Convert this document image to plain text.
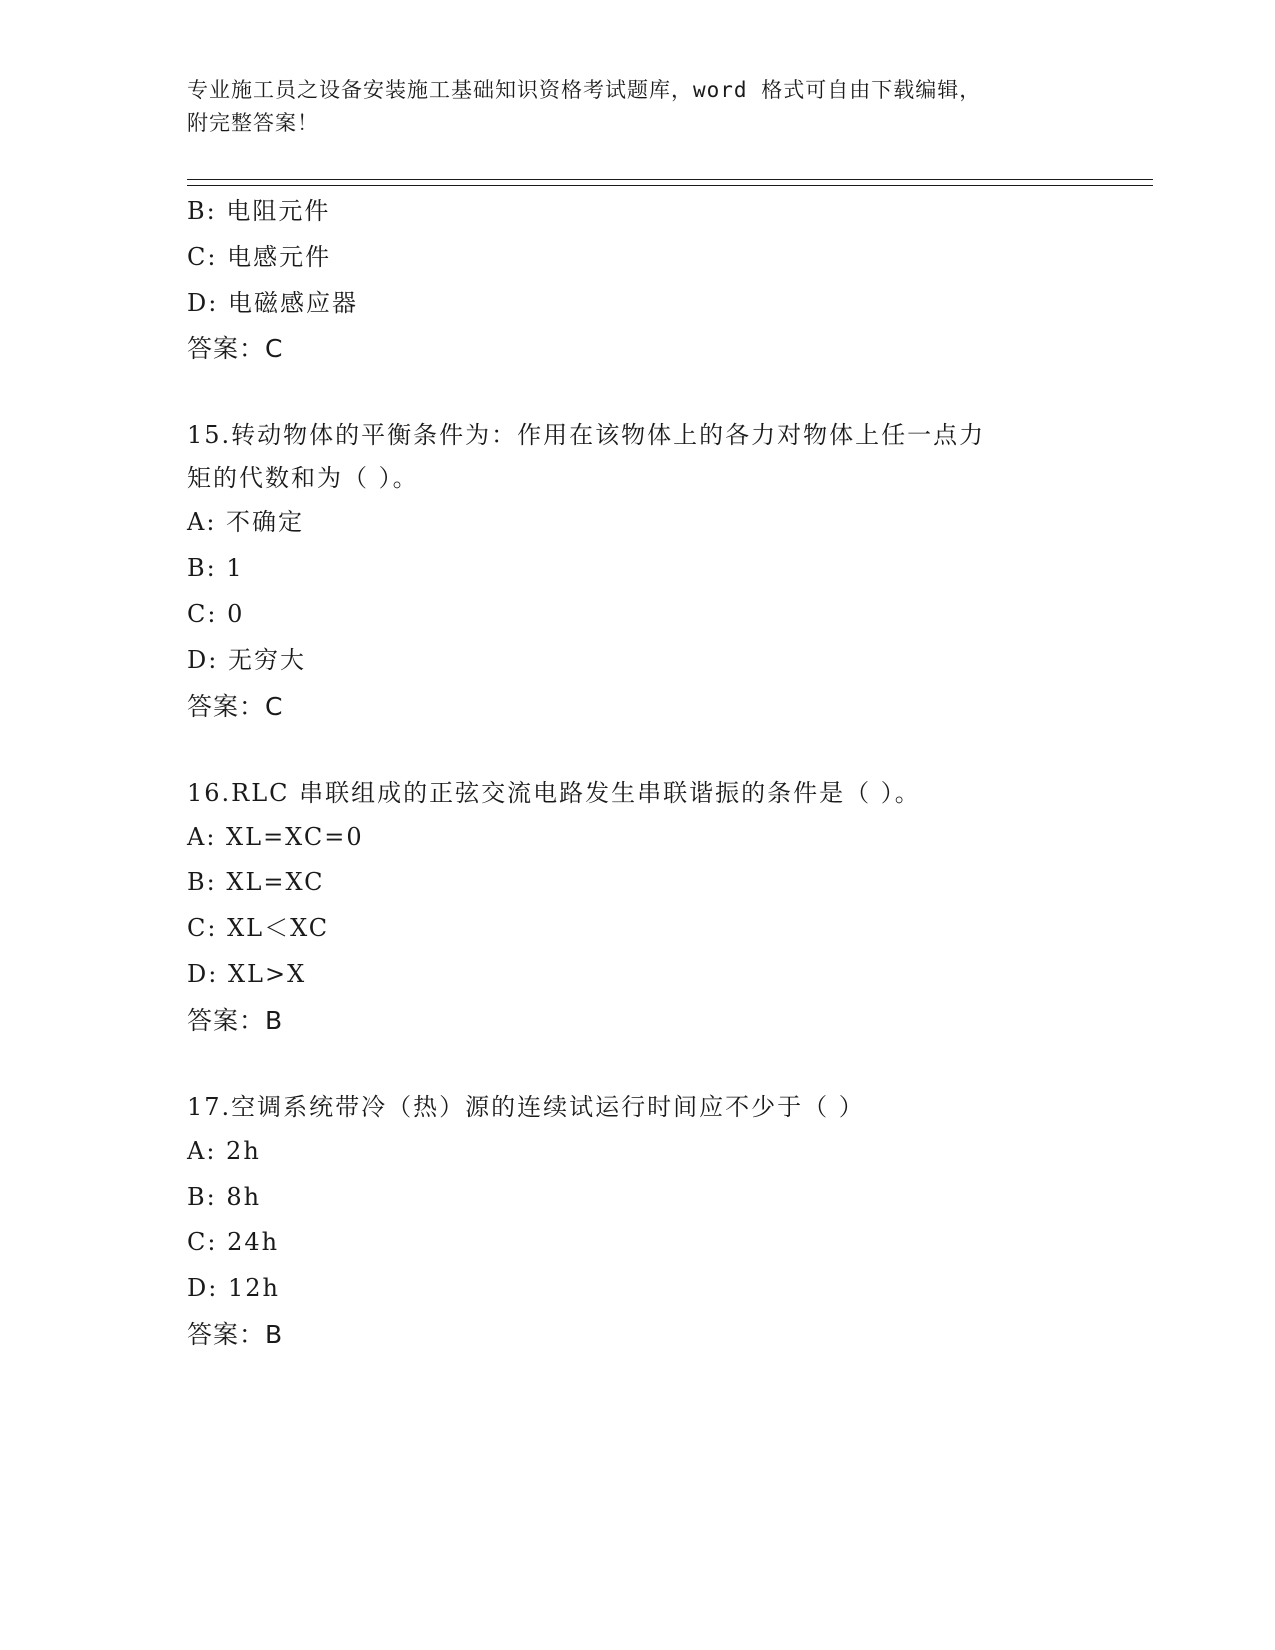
专业施工员之设备安装施工基础知识资格考试题库，word 格式可自由下载编辑，
附完整答案！
B: 电阻元件
C: 电感元件
D: 电磁感应器
答案：C
15.转动物体的平衡条件为：作用在该物体上的各力对物体上任一点力
矩的代数和为（ ）。
A: 不确定
B: 1
C: 0
D: 无穷大
答案：C
16.RLC 串联组成的正弦交流电路发生串联谐振的条件是（ ）。
A: XL=XC=0
B: XL=XC
C: XL＜XC
D: XL>X
答案：B
17.空调系统带冷（热）源的连续试运行时间应不少于（ ）
A: 2h
B: 8h
C: 24h
D: 12h
答案：B
